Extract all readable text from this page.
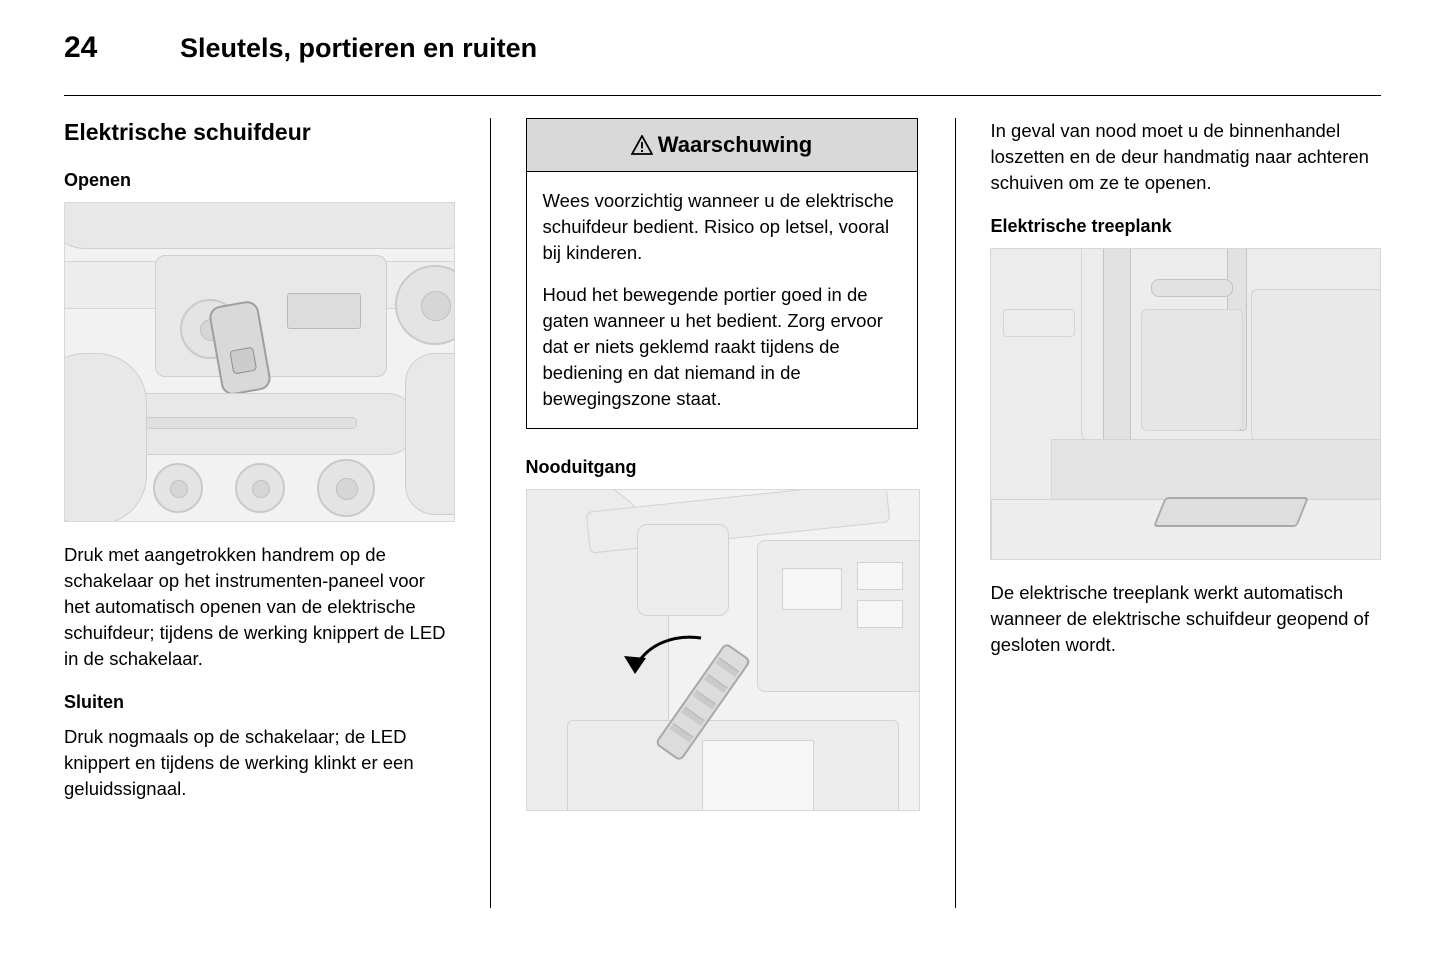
24	Sleutels, portieren en ruiten
Elektrische schuifdeur
Openen

Druk met aangetrokken handrem op de schakelaar op het instrumenten-paneel voor het automatisch openen van de elektrische schuifdeur; tijdens de werking knippert de LED in de schakelaar.

Sluiten

Druk nogmaals op de schakelaar; de LED knippert en tijdens de werking klinkt er een geluidssignaal.

Waarschuwing

Wees voorzichtig wanneer u de elektrische schuifdeur bedient. Risico op letsel, vooral bij kinderen.

Houd het bewegende portier goed in de gaten wanneer u het bedient. Zorg ervoor dat er niets geklemd raakt tijdens de bediening en dat niemand in de bewegingszone staat.

Nooduitgang

In geval van nood moet u de binnenhandel loszetten en de deur handmatig naar achteren schuiven om ze te openen.

Elektrische treeplank

De elektrische treeplank werkt automatisch wanneer de elektrische schuifdeur geopend of gesloten wordt.
